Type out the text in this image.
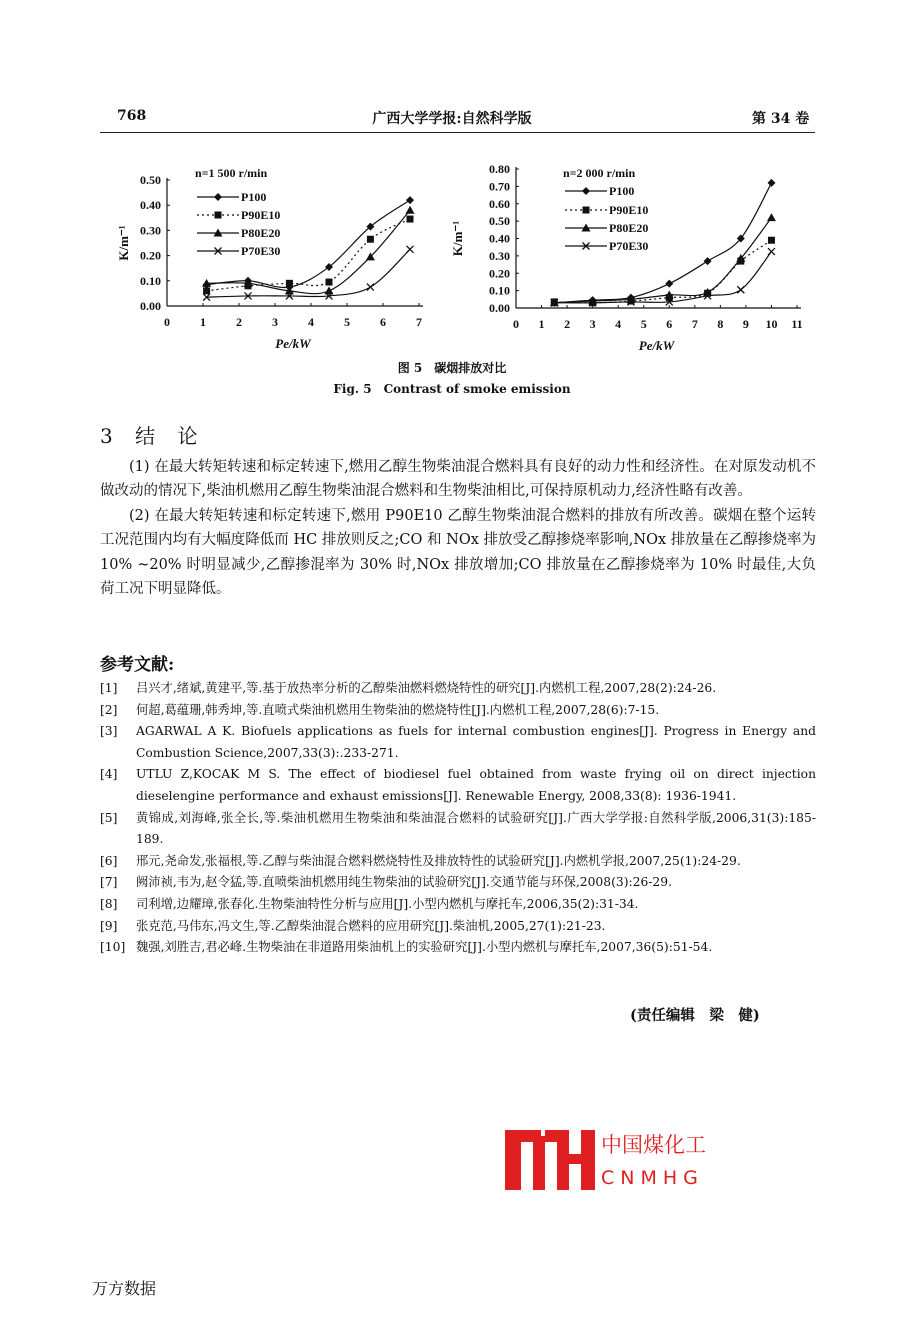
768	广西大学学报:自然科学版	第 34 卷
0	1	2	3	4	5	6	7
0.00
0.10
0.20
0.30
0.40
0.50
Pe/kW
K/m⁻¹
n=1 500 r/min
P100
P90E10
P80E20
P70E30
0 1 2 3 4 5 6 7 8 9 10 11
0.00
0.10
0.20
0.30
0.40
0.50
0.60
0.70
0.80
Pe/kW
K/m⁻¹
n=2 000 r/min
P100
P90E10
P80E20
P70E30
图 5　碳烟排放对比
Fig. 5　Contrast of smoke emission
3 结 论

(1) 在最大转矩转速和标定转速下,燃用乙醇生物柴油混合燃料具有良好的动力性和经济性。在对原发动机不做改动的情况下,柴油机燃用乙醇生物柴油混合燃料和生物柴油相比,可保持原机动力,经济性略有改善。

(2) 在最大转矩转速和标定转速下,燃用 P90E10 乙醇生物柴油混合燃料的排放有所改善。碳烟在整个运转工况范围内均有大幅度降低而 HC 排放则反之;CO 和 NOx 排放受乙醇掺烧率影响,NOx 排放量在乙醇掺烧率为 10% ~20% 时明显减少,乙醇掺混率为 30% 时,NOx 排放增加;CO 排放量在乙醇掺烧率为 10% 时最佳,大负荷工况下明显降低。

参考文献:
[1]	吕兴才,绪斌,黄建平,等.基于放热率分析的乙醇柴油燃料燃烧特性的研究[J].内燃机工程,2007,28(2):24-26.
[2]	何超,葛蕴珊,韩秀坤,等.直喷式柴油机燃用生物柴油的燃烧特性[J].内燃机工程,2007,28(6):7-15.
[3]	AGARWAL A K. Biofuels applications as fuels for internal combustion engines[J]. Progress in Energy and Combustion Science,2007,33(3):.233-271.
[4]	UTLU Z,KOCAK M S. The effect of biodiesel fuel obtained from waste frying oil on direct injection dieselengine performance and exhaust emissions[J]. Renewable Energy, 2008,33(8): 1936-1941.
[5]	黄锦成,刘海峰,张全长,等.柴油机燃用生物柴油和柴油混合燃料的试验研究[J].广西大学学报:自然科学版,2006,31(3):185-189.
[6]	邢元,尧命发,张福根,等.乙醇与柴油混合燃料燃烧特性及排放特性的试验研究[J].内燃机学报,2007,25(1):24-29.
[7]	阙沛祯,韦为,赵令猛,等.直喷柴油机燃用纯生物柴油的试验研究[J].交通节能与环保,2008(3):26-29.
[8]	司利增,边耀璋,张春化.生物柴油特性分析与应用[J].小型内燃机与摩托车,2006,35(2):31-34.
[9]	张克范,马伟东,冯文生,等.乙醇柴油混合燃料的应用研究[J].柴油机,2005,27(1):21-23.
[10] 魏强,刘胜吉,君必峰.生物柴油在非道路用柴油机上的实验研究[J].小型内燃机与摩托车,2007,36(5):51-54.
(责任编辑　梁　健)
中国煤化工
CNMHG
万方数据
